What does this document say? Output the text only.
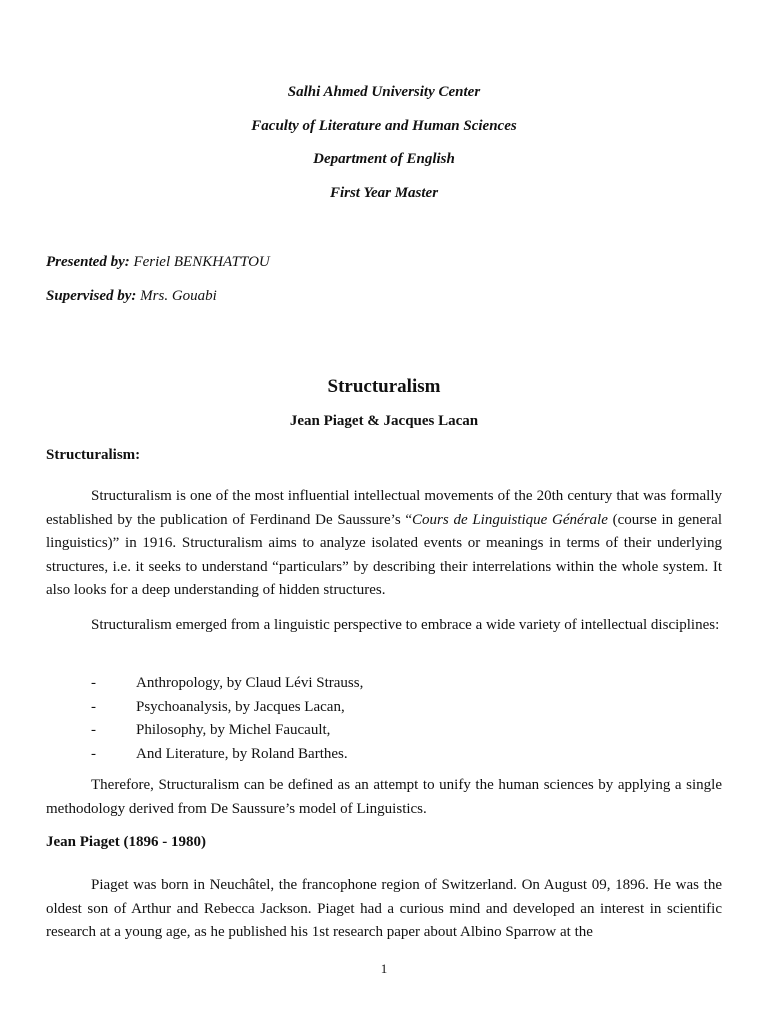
Salhi Ahmed University Center
Faculty of Literature and Human Sciences
Department of English
First Year Master
Presented by: Feriel BENKHATTOU
Supervised by: Mrs. Gouabi
Structuralism
Jean Piaget & Jacques Lacan
Structuralism:

Structuralism is one of the most influential intellectual movements of the 20th century that was formally established by the publication of Ferdinand De Saussure’s “Cours de Linguistique Générale (course in general linguistics)” in 1916. Structuralism aims to analyze isolated events or meanings in terms of their underlying structures, i.e. it seeks to understand “particulars” by describing their interrelations within the whole system. It also looks for a deep understanding of hidden structures.

Structuralism emerged from a linguistic perspective to embrace a wide variety of intellectual disciplines:

-	Anthropology, by Claud Lévi Strauss,
-	Psychoanalysis, by Jacques Lacan,
-	Philosophy, by Michel Faucault,
-	And Literature, by Roland Barthes.

Therefore, Structuralism can be defined as an attempt to unify the human sciences by applying a single methodology derived from De Saussure’s model of Linguistics.

Jean Piaget (1896 - 1980)

Piaget was born in Neuchâtel, the francophone region of Switzerland. On August 09, 1896. He was the oldest son of Arthur and Rebecca Jackson. Piaget had a curious mind and developed an interest in scientific research at a young age, as he published his 1st research paper about Albino Sparrow at the

1
